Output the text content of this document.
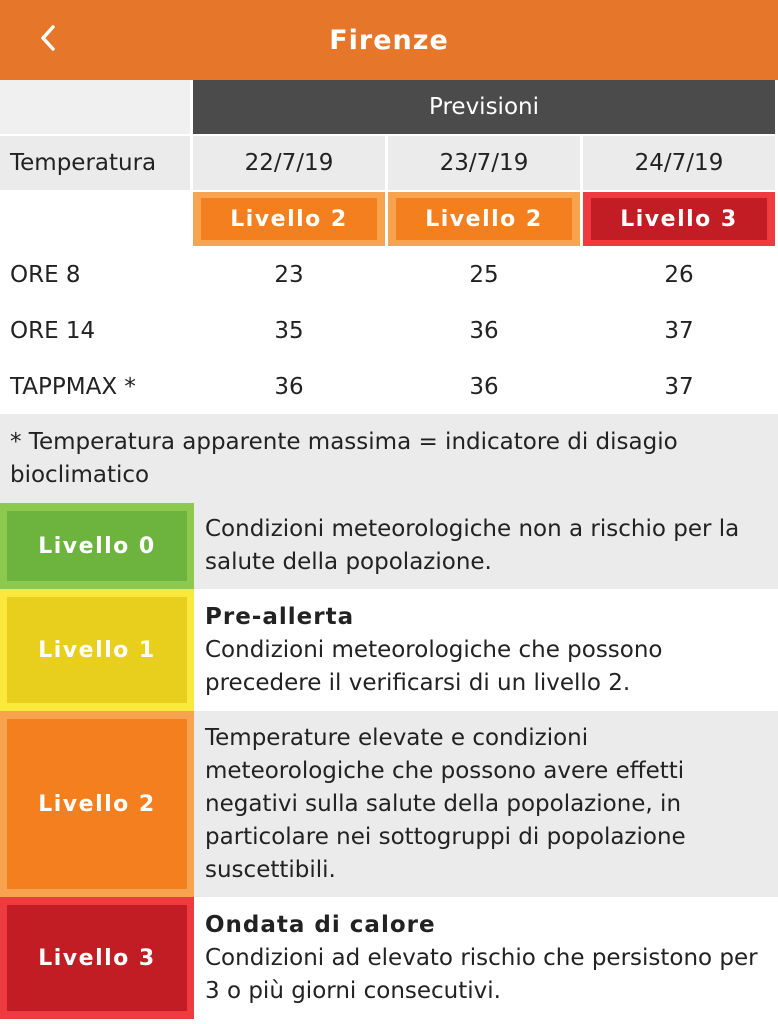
Firenze
Previsioni
Temperatura	22/7/19	23/7/19	24/7/19
Livello 2	Livello 2	Livello 3
ORE 8	23	25	26
ORE 14	35	36	37
TAPPMAX *	36	36	37
* Temperatura apparente massima = indicatore di disagio bioclimatico
Livello 0
Condizioni meteorologiche non a rischio per la salute della popolazione.
Livello 1
Pre-allerta
Condizioni meteorologiche che possono precedere il verificarsi di un livello 2.
Livello 2
Temperature elevate e condizioni meteorologiche che possono avere effetti negativi sulla salute della popolazione, in particolare nei sottogruppi di popolazione suscettibili.
Livello 3
Ondata di calore
Condizioni ad elevato rischio che persistono per 3 o più giorni consecutivi.
